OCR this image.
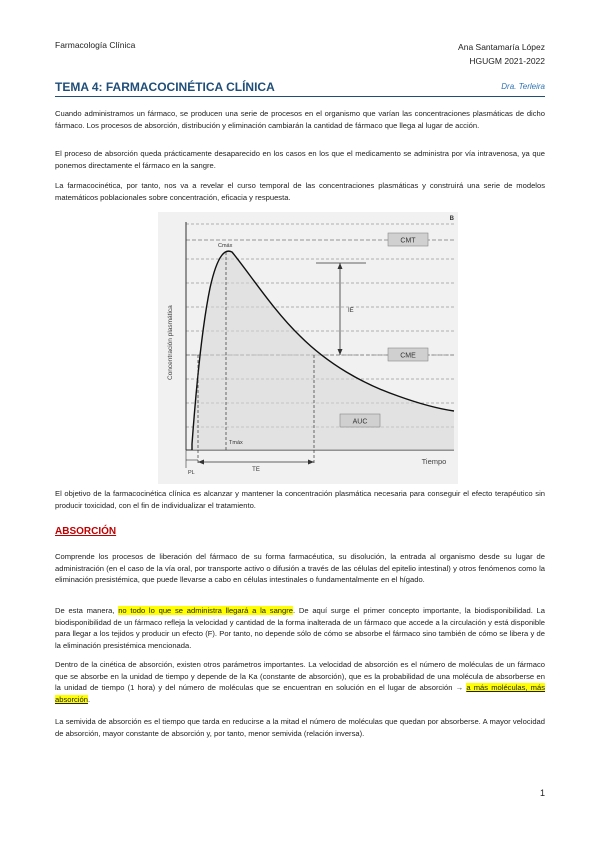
Farmacología Clínica	Ana Santamaría López
HGUGM 2021-2022
TEMA 4: FARMACOCINÉTICA CLÍNICA	Dra. Terleira

Cuando administramos un fármaco, se producen una serie de procesos en el organismo que varían las concentraciones plasmáticas de dicho fármaco. Los procesos de absorción, distribución y eliminación cambiarán la cantidad de fármaco que llega al lugar de acción.

El proceso de absorción queda prácticamente desaparecido en los casos en los que el medicamento se administra por vía intravenosa, ya que ponemos directamente el fármaco en la sangre.

La farmacocinética, por tanto, nos va a revelar el curso temporal de las concentraciones plasmáticas y construirá una serie de modelos matemáticos poblacionales sobre concentración, eficacia y respuesta.

CMT
CME
B
Concentración plasmática
Tiempo
AUC
Cmáx
Tmáx
IE
PL	TE

El objetivo de la farmacocinética clínica es alcanzar y mantener la concentración plasmática necesaria para conseguir el efecto terapéutico sin producir toxicidad, con el fin de individualizar el tratamiento.

ABSORCIÓN

Comprende los procesos de liberación del fármaco de su forma farmacéutica, su disolución, la entrada al organismo desde su lugar de administración (en el caso de la vía oral, por transporte activo o difusión a través de las células del epitelio intestinal) y otros fenómenos como la eliminación presistémica, que puede llevarse a cabo en células intestinales o fundamentalmente en el hígado.

De esta manera, no todo lo que se administra llegará a la sangre. De aquí surge el primer concepto importante, la biodisponibilidad. La biodisponibilidad de un fármaco refleja la velocidad y cantidad de la forma inalterada de un fármaco que accede a la circulación y está disponible para llegar a los tejidos y producir un efecto (F). Por tanto, no depende sólo de cómo se absorbe el fármaco sino también de cómo se libera y de la eliminación presistémica mencionada.

Dentro de la cinética de absorción, existen otros parámetros importantes. La velocidad de absorción es el número de moléculas de un fármaco que se absorbe en la unidad de tiempo y depende de la Ka (constante de absorción), que es la probabilidad de una molécula de absorberse en la unidad de tiempo (1 hora) y del número de moléculas que se encuentran en solución en el lugar de absorción → a más moléculas, más absorción.

La semivida de absorción es el tiempo que tarda en reducirse a la mitad el número de moléculas que quedan por absorberse. A mayor velocidad de absorción, mayor constante de absorción y, por tanto, menor semivida (relación inversa).

1
